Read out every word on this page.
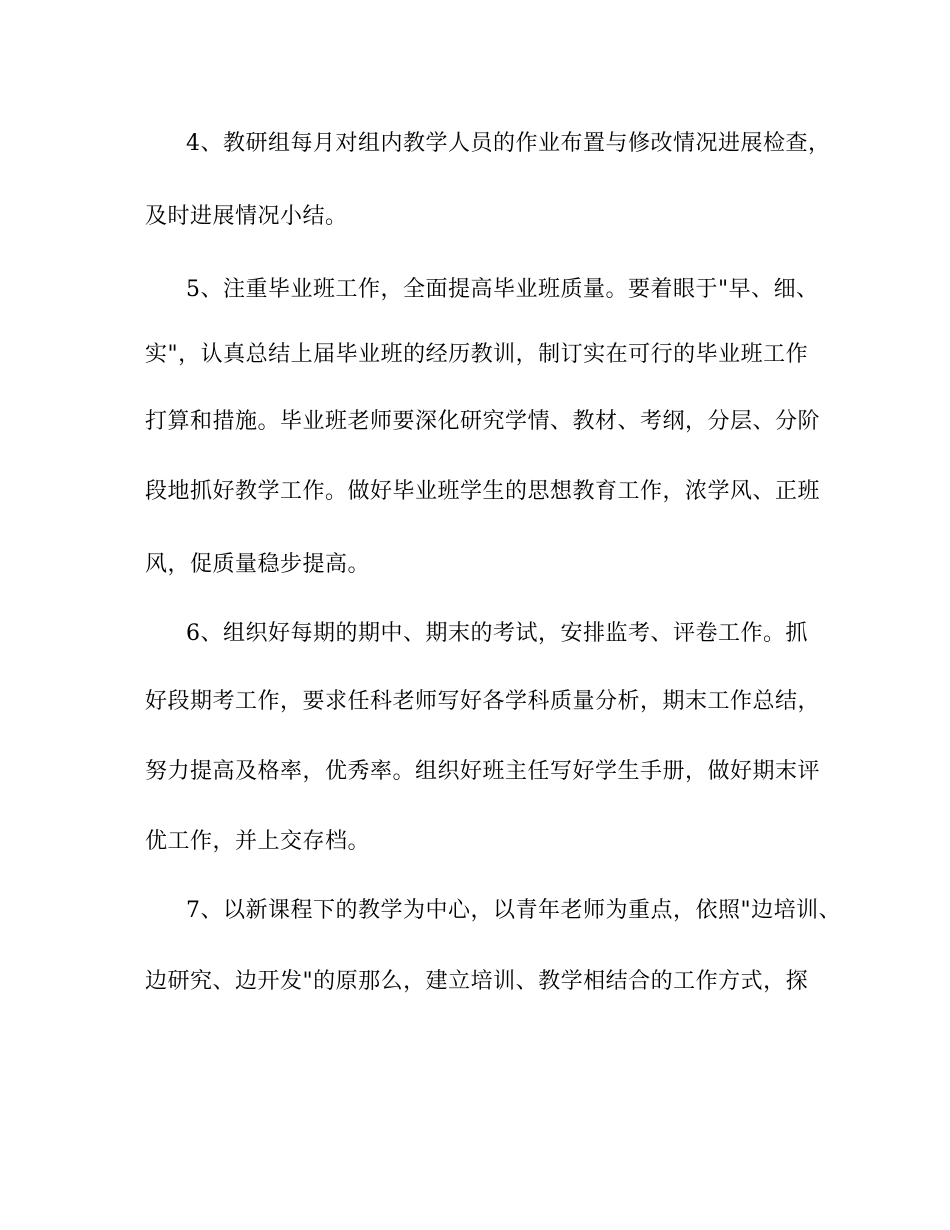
4、教研组每月对组内教学人员的作业布置与修改情况进展检查，
及时进展情况小结。
5、注重毕业班工作，全面提高毕业班质量。要着眼于"早、细、
实"，认真总结上届毕业班的经历教训，制订实在可行的毕业班工作
打算和措施。毕业班老师要深化研究学情、教材、考纲，分层、分阶
段地抓好教学工作。做好毕业班学生的思想教育工作，浓学风、正班
风，促质量稳步提高。
6、组织好每期的期中、期末的考试，安排监考、评卷工作。抓
好段期考工作，要求任科老师写好各学科质量分析，期末工作总结，
努力提高及格率，优秀率。组织好班主任写好学生手册，做好期末评
优工作，并上交存档。
7、以新课程下的教学为中心，以青年老师为重点，依照"边培训、
边研究、边开发"的原那么，建立培训、教学相结合的工作方式，探
